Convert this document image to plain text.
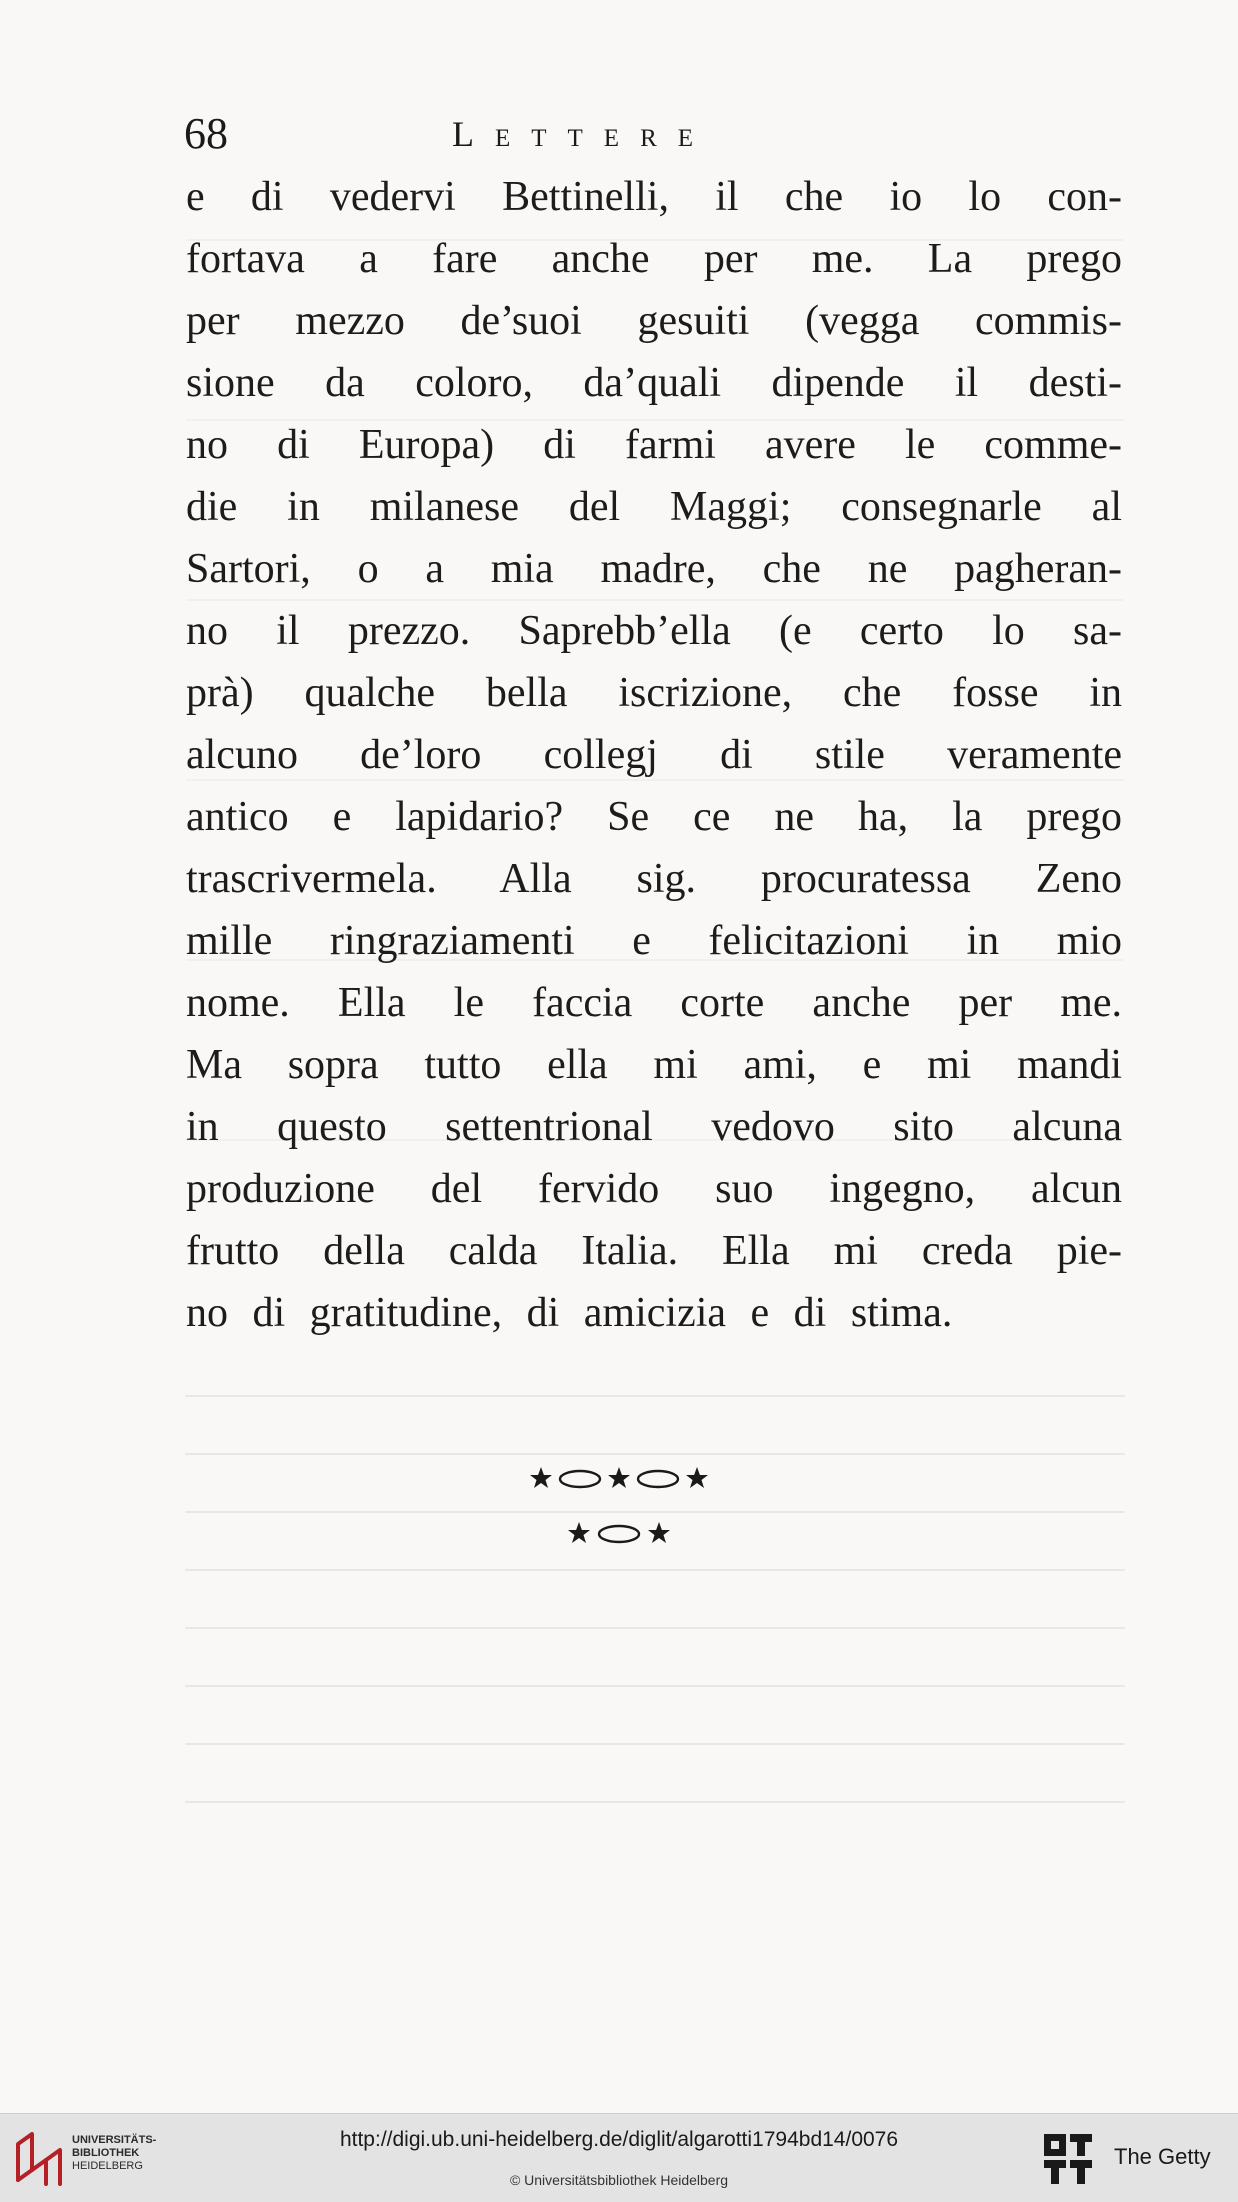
68	Lettere
e di vedervi Bettinelli, il che io lo con-
fortava a fare anche per me. La prego
per mezzo de’suoi gesuiti (vegga commis-
sione da coloro, da’quali dipende il desti-
no di Europa) di farmi avere le comme-
die in milanese del Maggi; consegnarle al
Sartori, o a mia madre, che ne pagheran-
no il prezzo. Saprebb’ella (e certo lo sa-
prà) qualche bella iscrizione, che fosse in
alcuno de’loro collegj di stile veramente
antico e lapidario? Se ce ne ha, la prego
trascrivermela. Alla sig. procuratessa Zeno
mille ringraziamenti e felicitazioni in mio
nome. Ella le faccia corte anche per me.
Ma sopra tutto ella mi ami, e mi mandi
in questo settentrional vedovo sito alcuna
produzione del fervido suo ingegno, alcun
frutto della calda Italia. Ella mi creda pie-
no di gratitudine, di amicizia e di stima.
UNIVERSITÄTS-
BIBLIOTHEK
HEIDELBERG
http://digi.ub.uni-heidelberg.de/diglit/algarotti1794bd14/0076
© Universitätsbibliothek Heidelberg
The Getty
